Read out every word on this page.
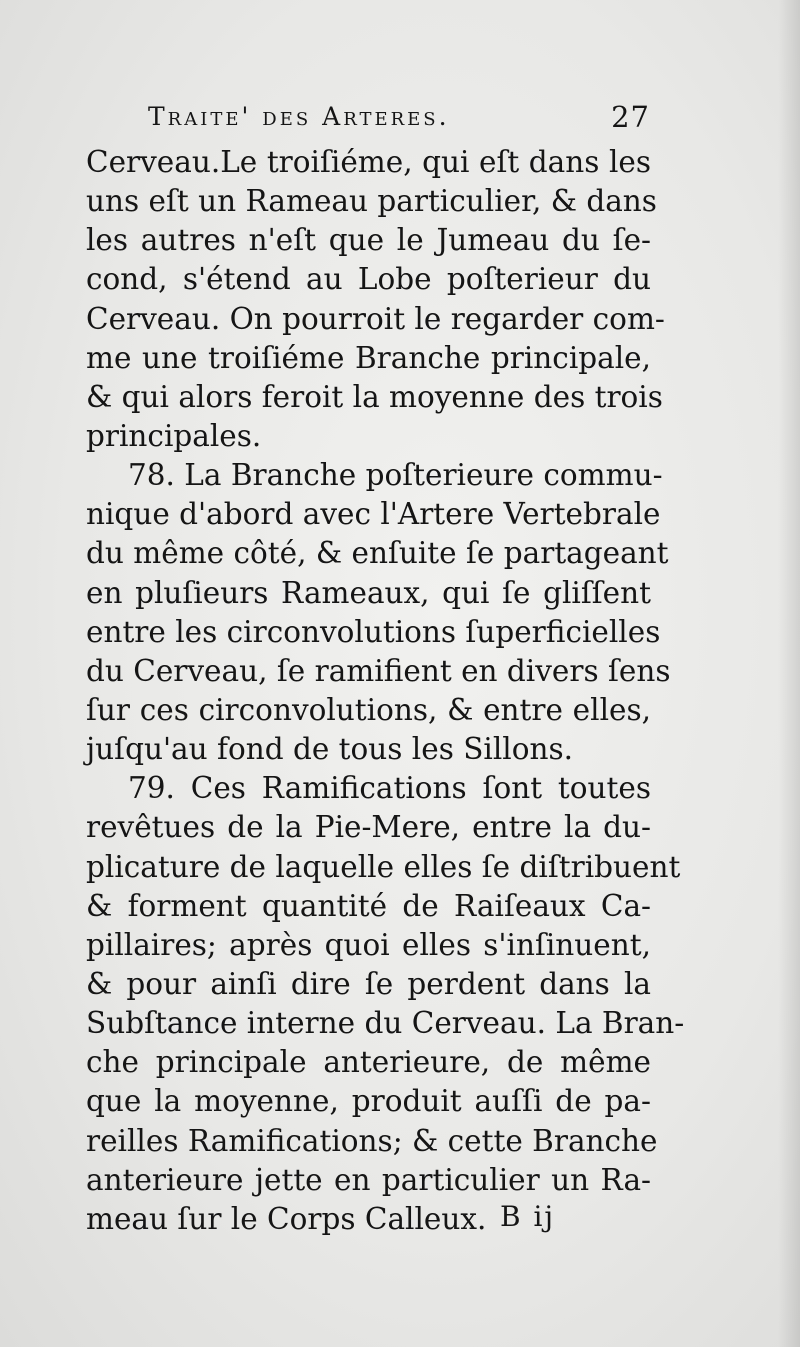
Traite' des Arteres.	27
Cerveau.Le troiſiéme, qui eſt dans les
uns eſt un Rameau particulier, & dans
les autres n'eſt que le Jumeau du ſe-
cond, s'étend au Lobe poſterieur du
Cerveau. On pourroit le regarder com-
me une troiſiéme Branche principale,
& qui alors feroit la moyenne des trois
principales.
78. La Branche poſterieure commu-
nique d'abord avec l'Artere Vertebrale
du même côté, & enſuite ſe partageant
en pluſieurs Rameaux, qui ſe gliſſent
entre les circonvolutions ſuperficielles
du Cerveau, ſe ramifient en divers ſens
ſur ces circonvolutions, & entre elles,
juſqu'au fond de tous les Sillons.
79. Ces Ramifications ſont toutes
revêtues de la Pie-Mere, entre la du-
plicature de laquelle elles ſe diſtribuent
& forment quantité de Raiſeaux Ca-
pillaires; après quoi elles s'inſinuent,
& pour ainſi dire ſe perdent dans la
Subſtance interne du Cerveau. La Bran-
che principale anterieure, de même
que la moyenne, produit auſſi de pa-
reilles Ramifications; & cette Branche
anterieure jette en particulier un Ra-
meau ſur le Corps Calleux. B ij
